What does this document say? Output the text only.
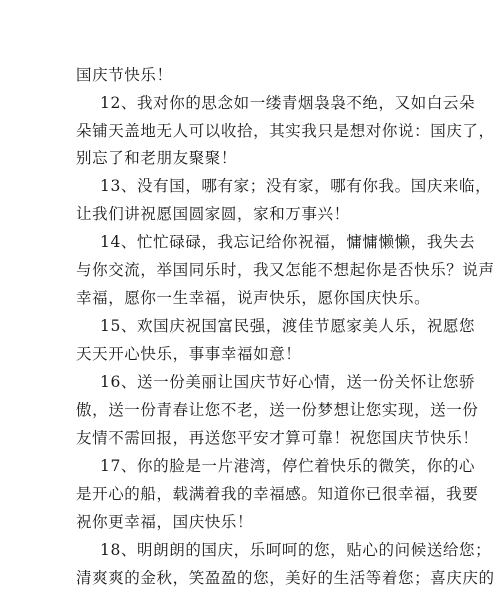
国庆节快乐！
12、我对你的思念如一缕青烟袅袅不绝，又如白云朵
朵铺天盖地无人可以收拾，其实我只是想对你说：国庆了，
别忘了和老朋友聚聚！
13、没有国，哪有家；没有家，哪有你我。国庆来临，
让我们讲祝愿国圆家圆，家和万事兴！
14、忙忙碌碌，我忘记给你祝福，慵慵懒懒，我失去
与你交流，举国同乐时，我又怎能不想起你是否快乐？说声
幸福，愿你一生幸福，说声快乐，愿你国庆快乐。
15、欢国庆祝国富民强，渡佳节愿家美人乐，祝愿您
天天开心快乐，事事幸福如意！
16、送一份美丽让国庆节好心情，送一份关怀让您骄
傲，送一份青春让您不老，送一份梦想让您实现，送一份
友情不需回报，再送您平安才算可靠！祝您国庆节快乐！
17、你的脸是一片港湾，停伫着快乐的微笑，你的心
是开心的船，载满着我的幸福感。知道你已很幸福，我要
祝你更幸福，国庆快乐！
18、明朗朗的国庆，乐呵呵的您，贴心的问候送给您；
清爽爽的金秋，笑盈盈的您，美好的生活等着您；喜庆庆的
